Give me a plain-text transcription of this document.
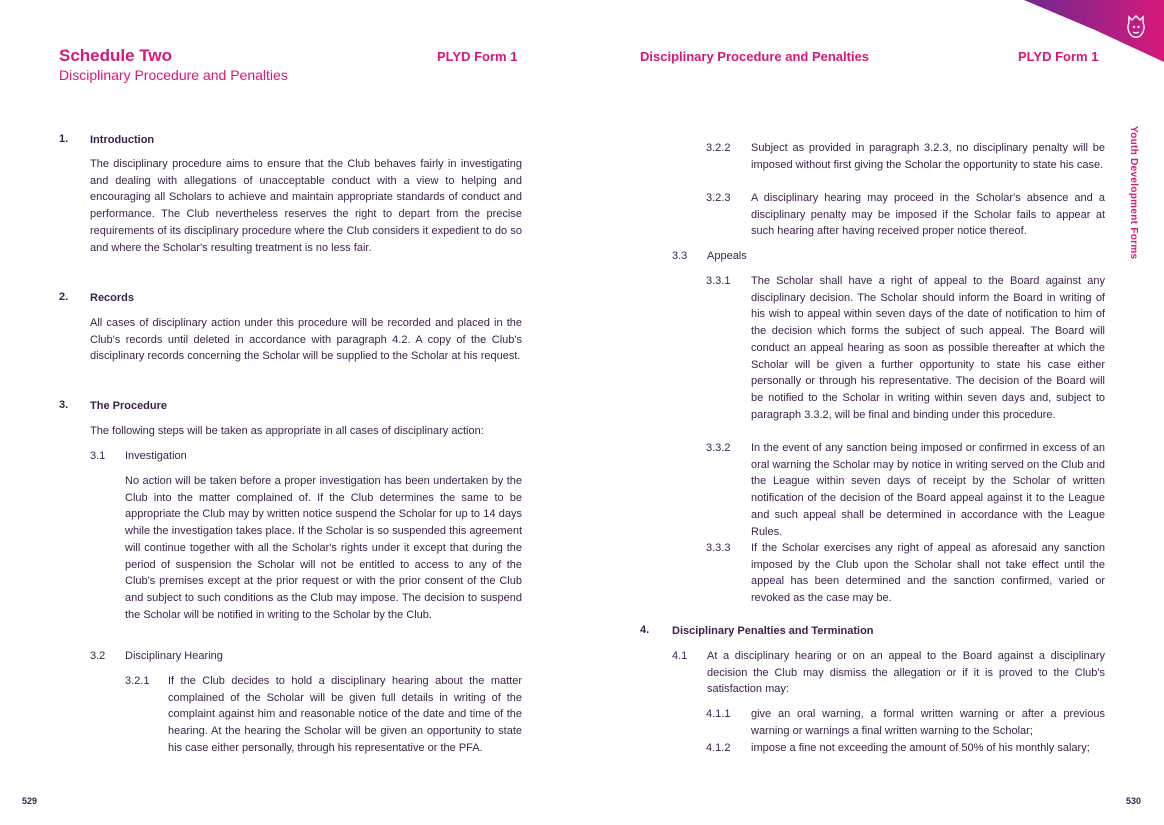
Schedule Two
Disciplinary Procedure and Penalties
PLYD Form 1	Disciplinary Procedure and Penalties	PLYD Form 1
Youth Development Forms
1. Introduction
The disciplinary procedure aims to ensure that the Club behaves fairly in investigating and dealing with allegations of unacceptable conduct with a view to helping and encouraging all Scholars to achieve and maintain appropriate standards of conduct and performance. The Club nevertheless reserves the right to depart from the precise requirements of its disciplinary procedure where the Club considers it expedient to do so and where the Scholar's resulting treatment is no less fair.
2. Records
All cases of disciplinary action under this procedure will be recorded and placed in the Club's records until deleted in accordance with paragraph 4.2. A copy of the Club's disciplinary records concerning the Scholar will be supplied to the Scholar at his request.
3. The Procedure
The following steps will be taken as appropriate in all cases of disciplinary action:
3.1 Investigation
No action will be taken before a proper investigation has been undertaken by the Club into the matter complained of. If the Club determines the same to be appropriate the Club may by written notice suspend the Scholar for up to 14 days while the investigation takes place. If the Scholar is so suspended this agreement will continue together with all the Scholar's rights under it except that during the period of suspension the Scholar will not be entitled to access to any of the Club's premises except at the prior request or with the prior consent of the Club and subject to such conditions as the Club may impose. The decision to suspend the Scholar will be notified in writing to the Scholar by the Club.
3.2 Disciplinary Hearing
3.2.1 If the Club decides to hold a disciplinary hearing about the matter complained of the Scholar will be given full details in writing of the complaint against him and reasonable notice of the date and time of the hearing. At the hearing the Scholar will be given an opportunity to state his case either personally, through his representative or the PFA.
529
3.2.2 Subject as provided in paragraph 3.2.3, no disciplinary penalty will be imposed without first giving the Scholar the opportunity to state his case.
3.2.3 A disciplinary hearing may proceed in the Scholar's absence and a disciplinary penalty may be imposed if the Scholar fails to appear at such hearing after having received proper notice thereof.
3.3 Appeals
3.3.1 The Scholar shall have a right of appeal to the Board against any disciplinary decision. The Scholar should inform the Board in writing of his wish to appeal within seven days of the date of notification to him of the decision which forms the subject of such appeal. The Board will conduct an appeal hearing as soon as possible thereafter at which the Scholar will be given a further opportunity to state his case either personally or through his representative. The decision of the Board will be notified to the Scholar in writing within seven days and, subject to paragraph 3.3.2, will be final and binding under this procedure.
3.3.2 In the event of any sanction being imposed or confirmed in excess of an oral warning the Scholar may by notice in writing served on the Club and the League within seven days of receipt by the Scholar of written notification of the decision of the Board appeal against it to the League and such appeal shall be determined in accordance with the League Rules.
3.3.3 If the Scholar exercises any right of appeal as aforesaid any sanction imposed by the Club upon the Scholar shall not take effect until the appeal has been determined and the sanction confirmed, varied or revoked as the case may be.
4. Disciplinary Penalties and Termination
4.1 At a disciplinary hearing or on an appeal to the Board against a disciplinary decision the Club may dismiss the allegation or if it is proved to the Club's satisfaction may:
4.1.1 give an oral warning, a formal written warning or after a previous warning or warnings a final written warning to the Scholar;
4.1.2 impose a fine not exceeding the amount of 50% of his monthly salary;
530
